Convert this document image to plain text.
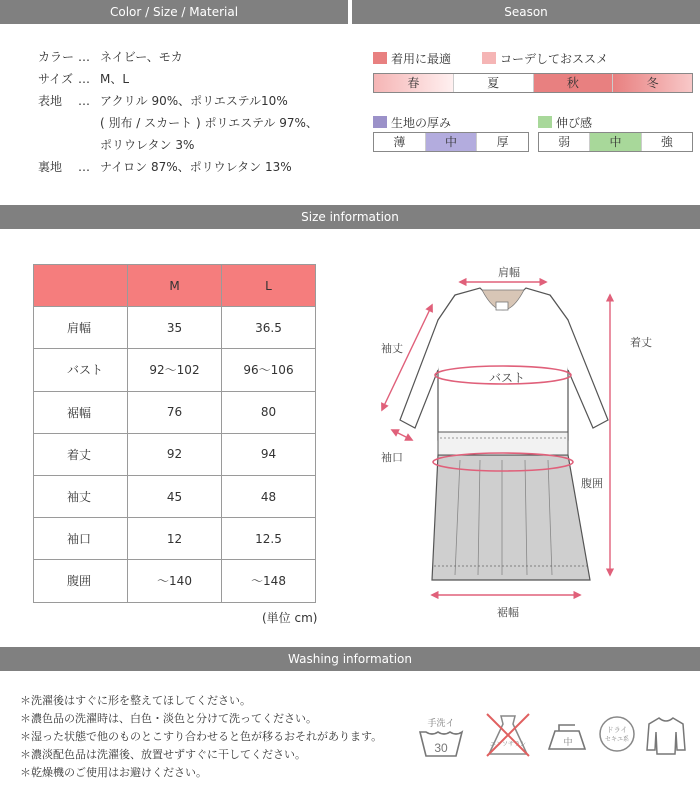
Color / Size / Material	Season
カラー … ネイビー、モカ
サイズ … M、L
表地 … アクリル 90%、ポリエステル10%
( 別布 / スカート ) ポリエステル 97%、
ポリウレタン 3%
裏地 … ナイロン 87%、ポリウレタン 13%
着用に最適	コーデしておススメ
春	夏	秋	冬
生地の厚み
薄	中	厚
伸び感
弱	中	強
Size information
	M	L
肩幅	35	36.5
バスト	92〜102	96〜106
裾幅	76	80
着丈	92	94
袖丈	45	48
袖口	12	12.5
腹囲	〜140	〜148
(単位 cm)
肩幅
袖丈	着丈
バスト
袖口
腹囲
裾幅
Washing information
＊洗濯後はすぐに形を整えてほしてください。
＊濃色品の洗濯時は、白色・淡色と分けて洗ってください。
＊湿った状態で他のものとこすり合わせると色が移るおそれがあります。
＊濃淡配色品は洗濯後、放置せずすぐに干してください。
＊乾燥機のご使用はお避けください。
手洗イ
30	エンソサラシ	中
ドライ
セキユ系
